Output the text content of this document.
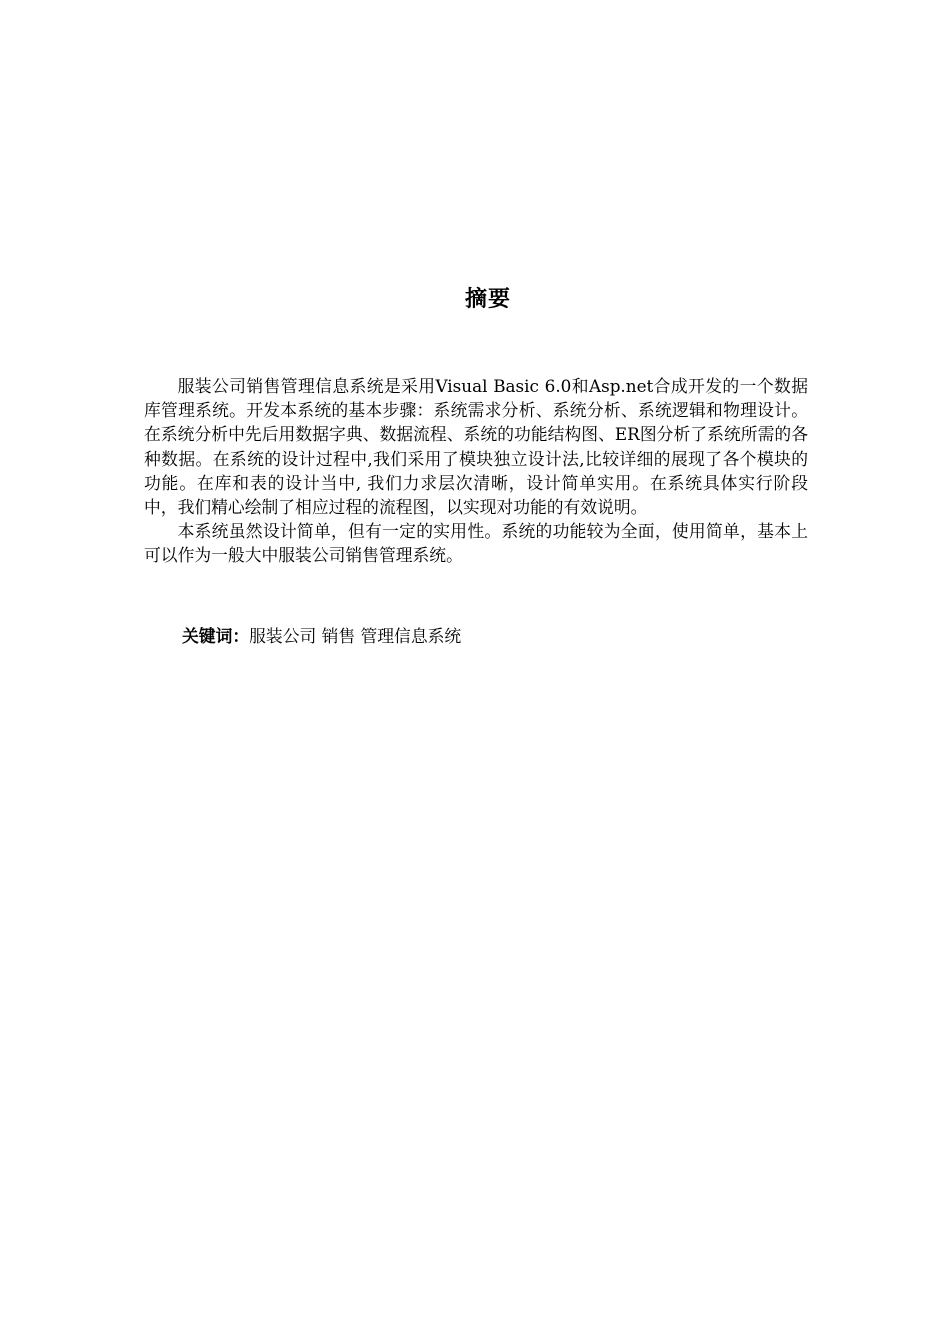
摘要

服装公司销售管理信息系统是采用Visual Basic 6.0和Asp.net合成开发的一个数据库管理系统。开发本系统的基本步骤：系统需求分析、系统分析、系统逻辑和物理设计。在系统分析中先后用数据字典、数据流程、系统的功能结构图、ER图分析了系统所需的各种数据。在系统的设计过程中,我们采用了模块独立设计法,比较详细的展现了各个模块的功能。在库和表的设计当中, 我们力求层次清晰，设计简单实用。在系统具体实行阶段中，我们精心绘制了相应过程的流程图，以实现对功能的有效说明。

本系统虽然设计简单，但有一定的实用性。系统的功能较为全面，使用简单，基本上可以作为一般大中服装公司销售管理系统。

关键词：服装公司 销售 管理信息系统
